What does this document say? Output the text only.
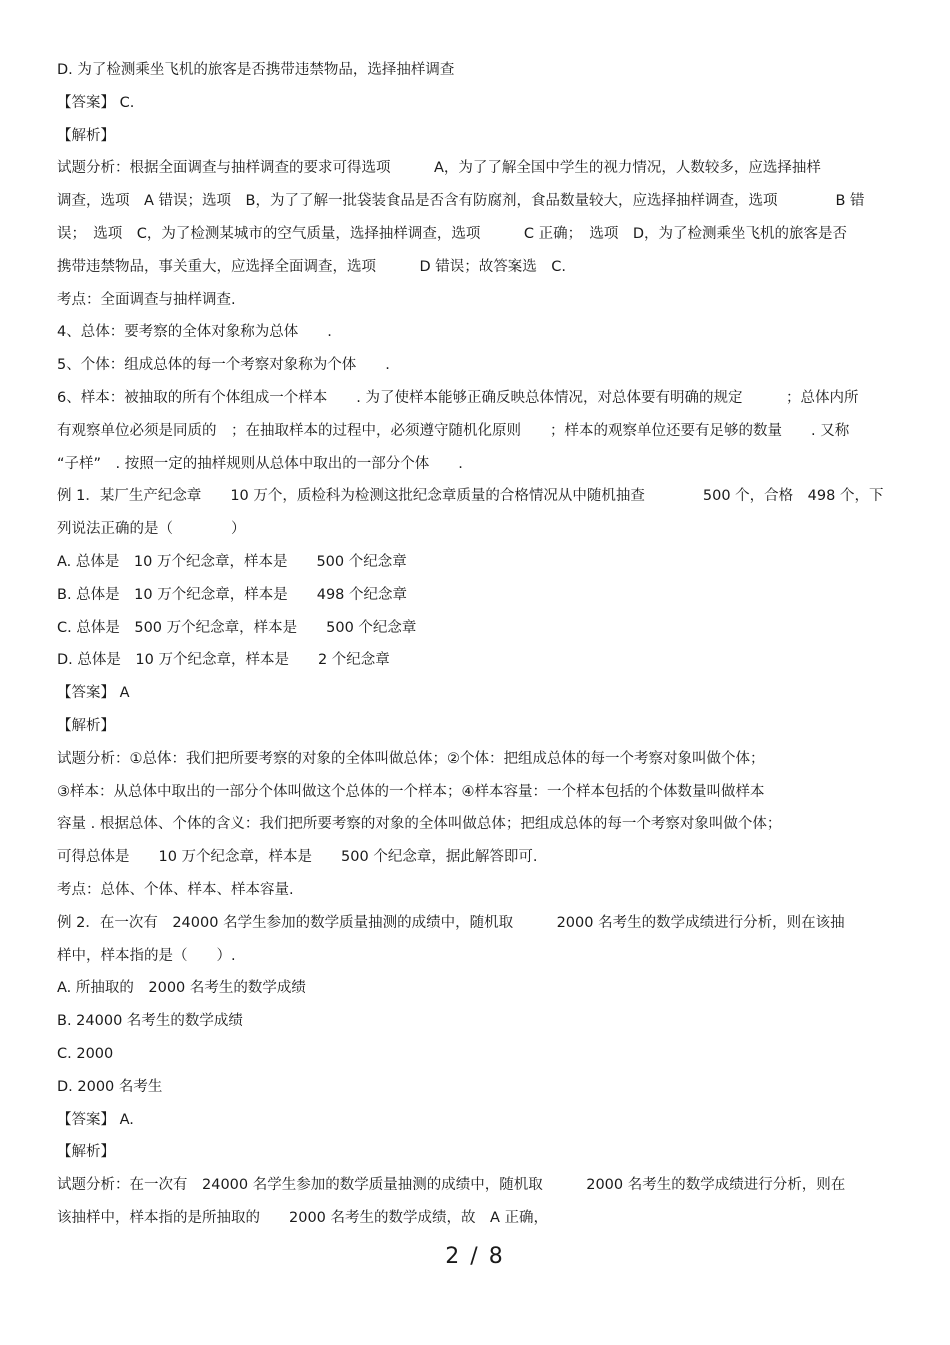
D. 为了检测乘坐飞机的旅客是否携带违禁物品，选择抽样调查
【答案】 C.
【解析】
试题分析：根据全面调查与抽样调查的要求可得选项　　　A，为了了解全国中学生的视力情况，人数较多，应选择抽样
调查，选项　A 错误；选项　B，为了了解一批袋装食品是否含有防腐剂，食品数量较大，应选择抽样调查，选项　　　　B 错
误；　选项　C，为了检测某城市的空气质量，选择抽样调查，选项　　　C 正确；　选项　D，为了检测乘坐飞机的旅客是否
携带违禁物品，事关重大，应选择全面调查，选项　　　D 错误；故答案选　C.
考点：全面调查与抽样调查.
4、总体：要考察的全体对象称为总体　　.
5、个体：组成总体的每一个考察对象称为个体　　.
6、样本：被抽取的所有个体组成一个样本　　. 为了使样本能够正确反映总体情况，对总体要有明确的规定　　　；总体内所
有观察单位必须是同质的　；在抽取样本的过程中，必须遵守随机化原则　　；样本的观察单位还要有足够的数量　　. 又称
“子样”　. 按照一定的抽样规则从总体中取出的一部分个体　　.
例 1．某厂生产纪念章　　10 万个，质检科为检测这批纪念章质量的合格情况从中随机抽查　　　　500 个，合格　498 个，下
列说法正确的是（　　　　）
A. 总体是　10 万个纪念章，样本是　　500 个纪念章
B. 总体是　10 万个纪念章，样本是　　498 个纪念章
C. 总体是　500 万个纪念章，样本是　　500 个纪念章
D. 总体是　10 万个纪念章，样本是　　2 个纪念章
【答案】 A
【解析】
试题分析：①总体：我们把所要考察的对象的全体叫做总体；②个体：把组成总体的每一个考察对象叫做个体；
③样本：从总体中取出的一部分个体叫做这个总体的一个样本；④样本容量：一个样本包括的个体数量叫做样本
容量 . 根据总体、个体的含义：我们把所要考察的对象的全体叫做总体；把组成总体的每一个考察对象叫做个体；
可得总体是　　10 万个纪念章，样本是　　500 个纪念章，据此解答即可.
考点：总体、个体、样本、样本容量.
例 2．在一次有　24000 名学生参加的数学质量抽测的成绩中，随机取　　　2000 名考生的数学成绩进行分析，则在该抽
样中，样本指的是（　　）.
A. 所抽取的　2000 名考生的数学成绩
B. 24000 名考生的数学成绩
C. 2000
D. 2000 名考生
【答案】 A.
【解析】
试题分析：在一次有　24000 名学生参加的数学质量抽测的成绩中，随机取　　　2000 名考生的数学成绩进行分析，则在
该抽样中，样本指的是所抽取的　　2000 名考生的数学成绩，故　A 正确，
2 / 8
